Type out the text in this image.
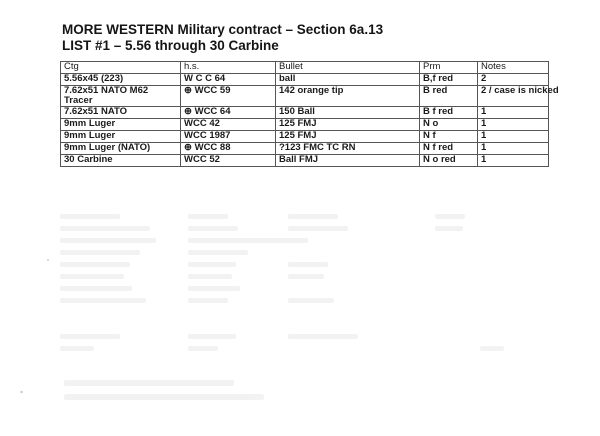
MORE WESTERN Military contract – Section 6a.13
LIST #1 – 5.56 through 30 Carbine
Ctg	h.s.	Bullet	Prm	Notes
5.56x45 (223)	W C C 64	ball	B,f red	2
7.62x51 NATO M62 Tracer	⊕ WCC 59	142 orange tip	B red	2 / case is nicked
7.62x51 NATO	⊕ WCC 64	150 Ball	B f red	1
9mm Luger	WCC 42	125 FMJ	N o	1
9mm Luger	WCC 1987	125 FMJ	N f	1
9mm Luger (NATO)	⊕ WCC 88	?123 FMC TC RN	N f red	1
30 Carbine	WCC 52	Ball FMJ	N o red	1
